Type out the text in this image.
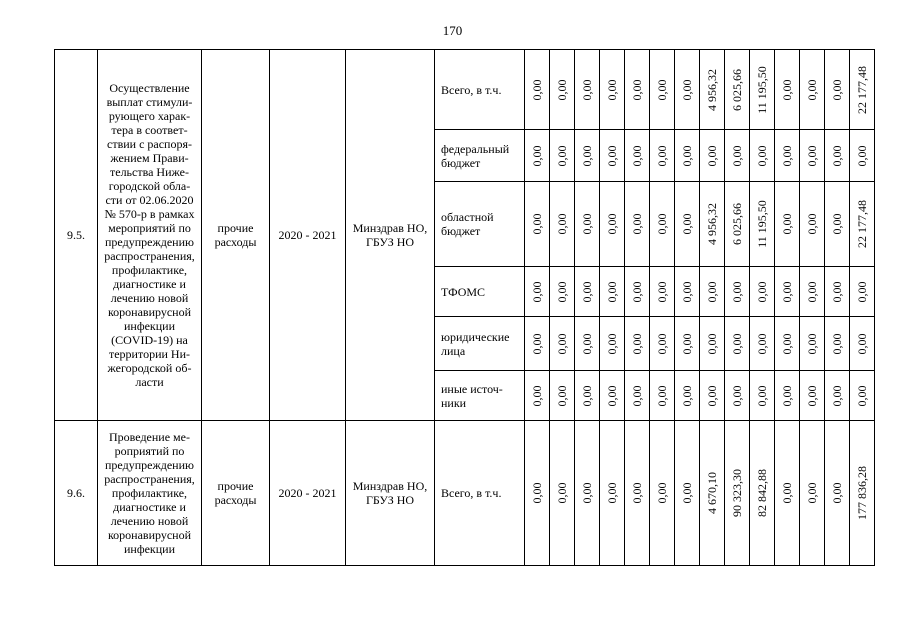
170
9.5.	Осуществление выплат стимули-рующего харак-тера в соответ-ствии с распоря-жением Прави-тельства Ниже-городской обла-сти от 02.06.2020 № 570-р в рамках мероприятий по предупреждению распространения, профилактике, диагностике и лечению новой коронавирусной инфекции (COVID-19) на территории Ни-жегородской об-ласти	прочие расходы	2020 - 2021	Минздрав НО, ГБУЗ НО	Всего, в т.ч.	0,00	0,00	0,00	0,00	0,00	0,00	0,00	4 956,32	6 025,66	11 195,50	0,00	0,00	0,00	22 177,48

					федеральный бюджет	0,00	0,00	0,00	0,00	0,00	0,00	0,00	0,00	0,00	0,00	0,00	0,00	0,00	0,00

					областной бюджет	0,00	0,00	0,00	0,00	0,00	0,00	0,00	4 956,32	6 025,66	11 195,50	0,00	0,00	0,00	22 177,48

					ТФОМС	0,00	0,00	0,00	0,00	0,00	0,00	0,00	0,00	0,00	0,00	0,00	0,00	0,00	0,00

					юридические лица	0,00	0,00	0,00	0,00	0,00	0,00	0,00	0,00	0,00	0,00	0,00	0,00	0,00	0,00

					иные источ-ники	0,00	0,00	0,00	0,00	0,00	0,00	0,00	0,00	0,00	0,00	0,00	0,00	0,00	0,00

9.6.	Проведение ме-роприятий по предупреждению распространения, профилактике, диагностике и лечению новой коронавирусной инфекции	прочие расходы	2020 - 2021	Минздрав НО, ГБУЗ НО	Всего, в т.ч.	0,00	0,00	0,00	0,00	0,00	0,00	0,00	4 670,10	90 323,30	82 842,88	0,00	0,00	0,00	177 836,28
